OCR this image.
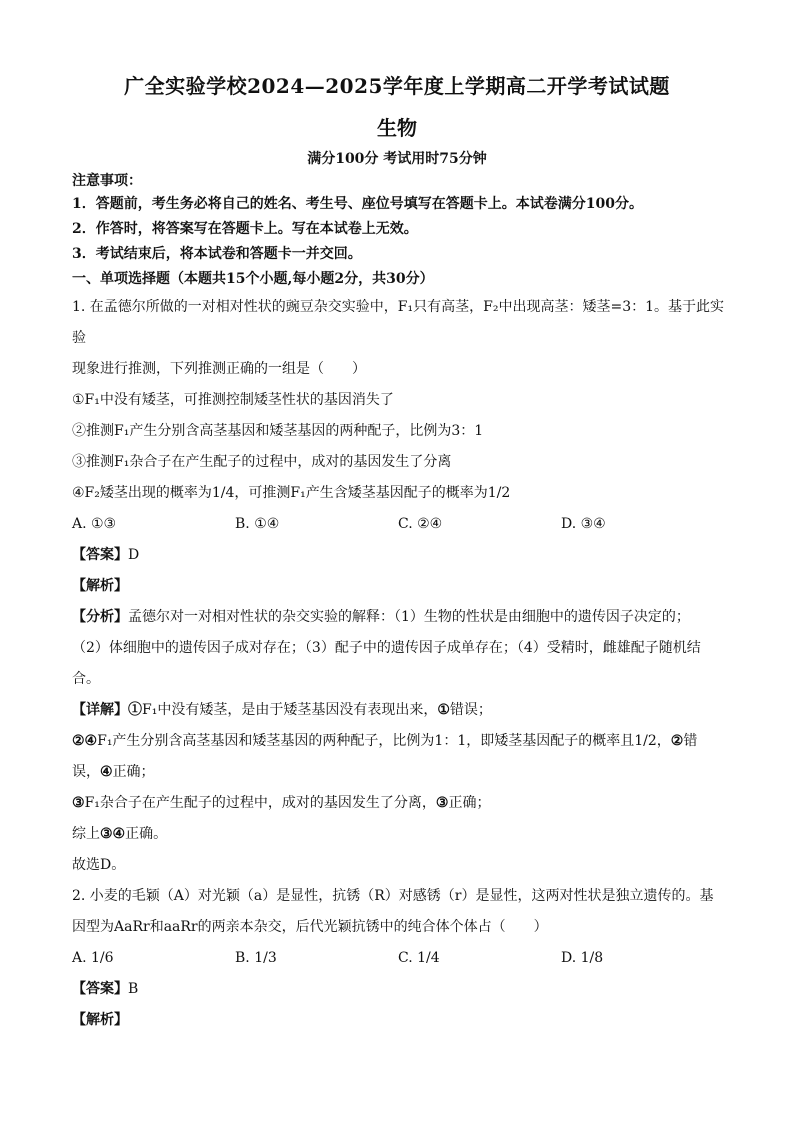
广全实验学校2024—2025学年度上学期高二开学考试试题
生物
满分100分 考试用时75分钟

注意事项：

1．答题前，考生务必将自己的姓名、考生号、座位号填写在答题卡上。本试卷满分100分。

2．作答时，将答案写在答题卡上。写在本试卷上无效。

3．考试结束后，将本试卷和答题卡一并交回。

一、单项选择题（本题共15个小题,每小题2分，共30分）

1. 在孟德尔所做的一对相对性状的豌豆杂交实验中，F₁只有高茎，F₂中出现高茎：矮茎=3：1。基于此实验

现象进行推测，下列推测正确的一组是（　　）

①F₁中没有矮茎，可推测控制矮茎性状的基因消失了

②推测F₁产生分别含高茎基因和矮茎基因的两种配子，比例为3：1

③推测F₁杂合子在产生配子的过程中，成对的基因发生了分离

④F₂矮茎出现的概率为1/4，可推测F₁产生含矮茎基因配子的概率为1/2

A. ①③	B. ①④	C. ②④	D. ③④

【答案】D

【解析】

【分析】孟德尔对一对相对性状的杂交实验的解释：（1）生物的性状是由细胞中的遗传因子决定的；

（2）体细胞中的遗传因子成对存在；（3）配子中的遗传因子成单存在；（4）受精时，雌雄配子随机结

合。

【详解】①F₁中没有矮茎，是由于矮茎基因没有表现出来，①错误；

②④F₁产生分别含高茎基因和矮茎基因的两种配子，比例为1：1，即矮茎基因配子的概率且1/2，②错

误，④正确；

③F₁杂合子在产生配子的过程中，成对的基因发生了分离，③正确；

综上③④正确。

故选D。

2. 小麦的毛颖（A）对光颖（a）是显性，抗锈（R）对感锈（r）是显性，这两对性状是独立遗传的。基

因型为AaRr和aaRr的两亲本杂交，后代光颖抗锈中的纯合体个体占（　　）

A. 1/6	B. 1/3	C. 1/4	D. 1/8

【答案】B

【解析】
